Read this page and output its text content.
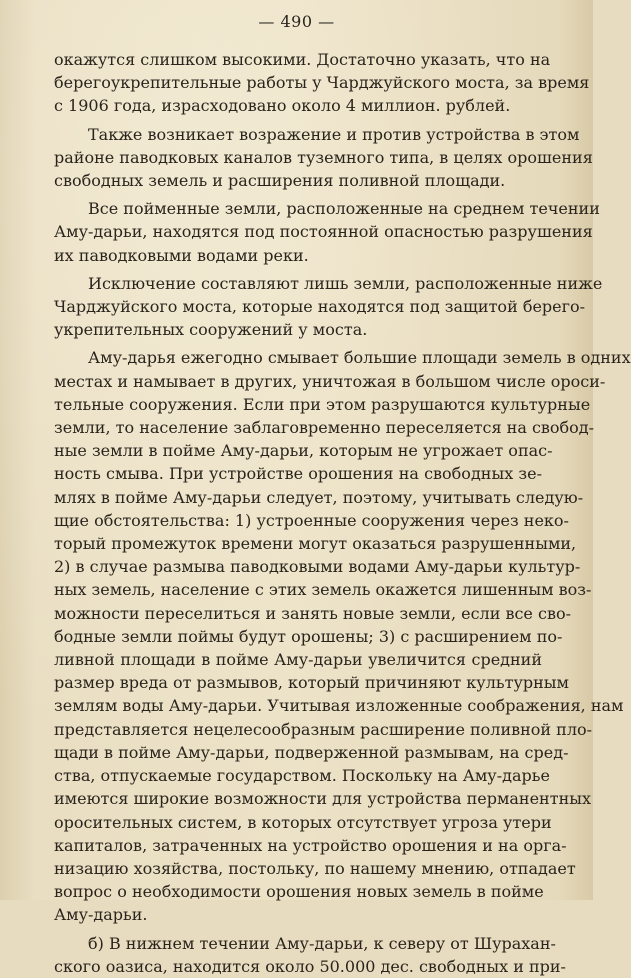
— 490 —
окажутся слишком высокими. Достаточно указать, что на
берегоукрепительные работы у Чарджуйского моста, за время
с 1906 года, израсходовано около 4 миллион. рублей.
Также возникает возражение и против устройства в этом
районе паводковых каналов туземного типа, в целях орошения
свободных земель и расширения поливной площади.
Все пойменные земли, расположенные на среднем течении
Аму-дарьи, находятся под постоянной опасностью разрушения
их паводковыми водами реки.
Исключение составляют лишь земли, расположенные ниже
Чарджуйского моста, которые находятся под защитой берего-
укрепительных сооружений у моста.
Аму-дарья ежегодно смывает большие площади земель в одних
местах и намывает в других, уничтожая в большом числе ороси-
тельные сооружения. Если при этом разрушаются культурные
земли, то население заблаговременно переселяется на свобод-
ные земли в пойме Аму-дарьи, которым не угрожает опас-
ность смыва. При устройстве орошения на свободных зе-
млях в пойме Аму-дарьи следует, поэтому, учитывать следую-
щие обстоятельства: 1) устроенные сооружения через неко-
торый промежуток времени могут оказаться разрушенными,
2) в случае размыва паводковыми водами Аму-дарьи культур-
ных земель, население с этих земель окажется лишенным воз-
можности переселиться и занять новые земли, если все сво-
бодные земли поймы будут орошены; 3) с расширением по-
ливной площади в пойме Аму-дарьи увеличится средний
размер вреда от размывов, который причиняют культурным
землям воды Аму-дарьи. Учитывая изложенные соображения, нам
представляется нецелесообразным расширение поливной пло-
щади в пойме Аму-дарьи, подверженной размывам, на сред-
ства, отпускаемые государством. Поскольку на Аму-дарье
имеются широкие возможности для устройства перманентных
оросительных систем, в которых отсутствует угроза утери
капиталов, затраченных на устройство орошения и на орга-
низацию хозяйства, постольку, по нашему мнению, отпадает
вопрос о необходимости орошения новых земель в пойме
Аму-дарьи.
б) В нижнем течении Аму-дарьи, к северу от Шурахан-
ского оазиса, находится около 50.000 дес. свободных и при-
